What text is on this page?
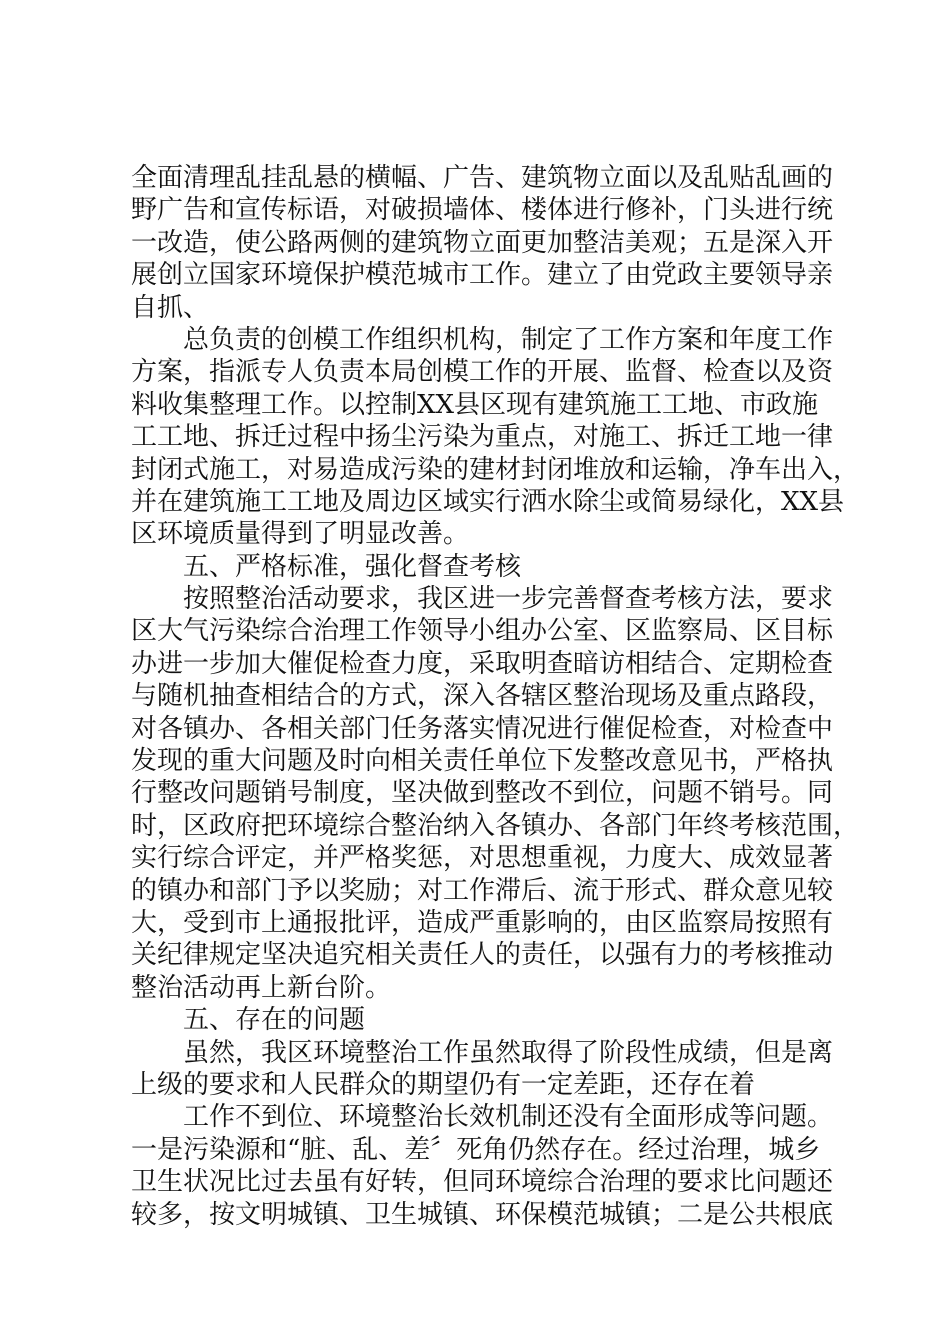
全面清理乱挂乱悬的横幅、广告、建筑物立面以及乱贴乱画的
野广告和宣传标语，对破损墙体、楼体进行修补，门头进行统
一改造，使公路两侧的建筑物立面更加整洁美观；五是深入开
展创立国家环境保护模范城市工作。建立了由党政主要领导亲
自抓、
总负责的创模工作组织机构，制定了工作方案和年度工作
方案，指派专人负责本局创模工作的开展、监督、检查以及资
料收集整理工作。以控制XX县区现有建筑施工工地、市政施
工工地、拆迁过程中扬尘污染为重点，对施工、拆迁工地一律
封闭式施工，对易造成污染的建材封闭堆放和运输，净车出入，
并在建筑施工工地及周边区域实行洒水除尘或简易绿化，XX县
区环境质量得到了明显改善。
五、严格标准，强化督查考核
按照整治活动要求，我区进一步完善督查考核方法，要求
区大气污染综合治理工作领导小组办公室、区监察局、区目标
办进一步加大催促检查力度，采取明查暗访相结合、定期检查
与随机抽查相结合的方式，深入各辖区整治现场及重点路段，
对各镇办、各相关部门任务落实情况进行催促检查，对检查中
发现的重大问题及时向相关责任单位下发整改意见书，严格执
行整改问题销号制度，坚决做到整改不到位，问题不销号。同
时，区政府把环境综合整治纳入各镇办、各部门年终考核范围，
实行综合评定，并严格奖惩，对思想重视，力度大、成效显著
的镇办和部门予以奖励；对工作滞后、流于形式、群众意见较
大，受到市上通报批评，造成严重影响的，由区监察局按照有
关纪律规定坚决追究相关责任人的责任，以强有力的考核推动
整治活动再上新台阶。
五、存在的问题
虽然，我区环境整治工作虽然取得了阶段性成绩，但是离
上级的要求和人民群众的期望仍有一定差距，还存在着
工作不到位、环境整治长效机制还没有全面形成等问题。
一是污染源和“脏、乱、差〞死角仍然存在。经过治理，城乡
卫生状况比过去虽有好转，但同环境综合治理的要求比问题还
较多，按文明城镇、卫生城镇、环保模范城镇；二是公共根底
